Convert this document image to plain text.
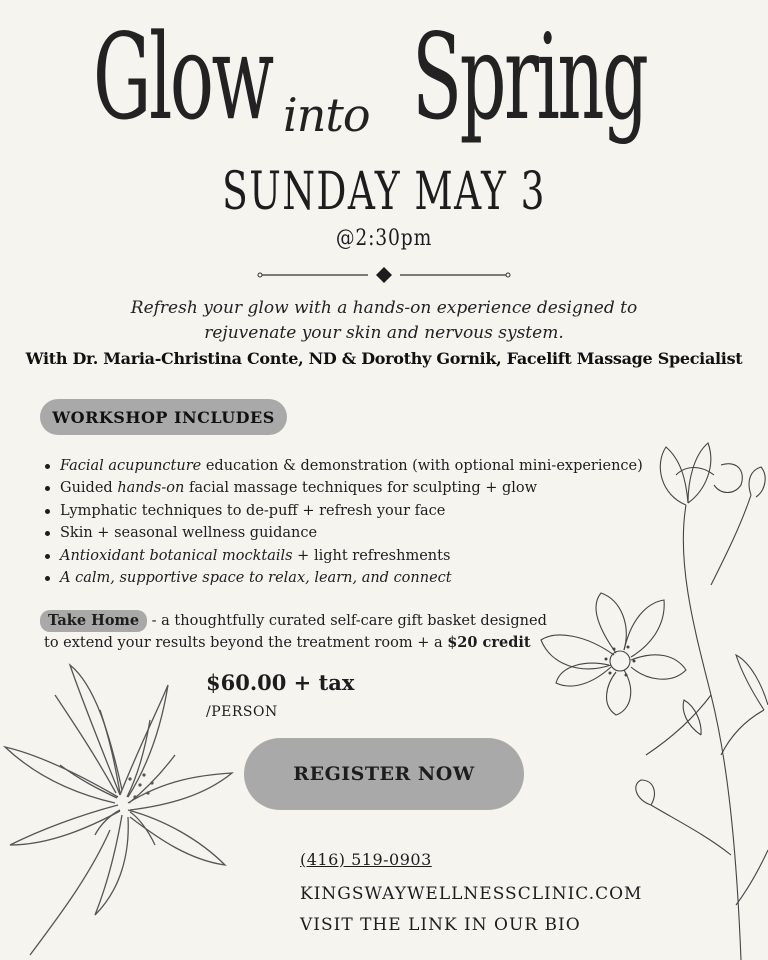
Glow into Spring
SUNDAY MAY 3
@2:30pm
Refresh your glow with a hands-on experience designed to
rejuvenate your skin and nervous system.
With Dr. Maria-Christina Conte, ND & Dorothy Gornik, Facelift Massage Specialist
WORKSHOP INCLUDES
Facial acupuncture education & demonstration (with optional mini-experience)
Guided hands-on facial massage techniques for sculpting + glow
Lymphatic techniques to de-puff + refresh your face
Skin + seasonal wellness guidance
Antioxidant botanical mocktails + light refreshments
A calm, supportive space to relax, learn, and connect
Take Home - a thoughtfully curated self-care gift basket designed to extend your results beyond the treatment room + a $20 credit
$60.00 + tax
/PERSON
REGISTER NOW
(416) 519-0903
KINGSWAYWELLNESSCLINIC.COM
VISIT THE LINK IN OUR BIO
